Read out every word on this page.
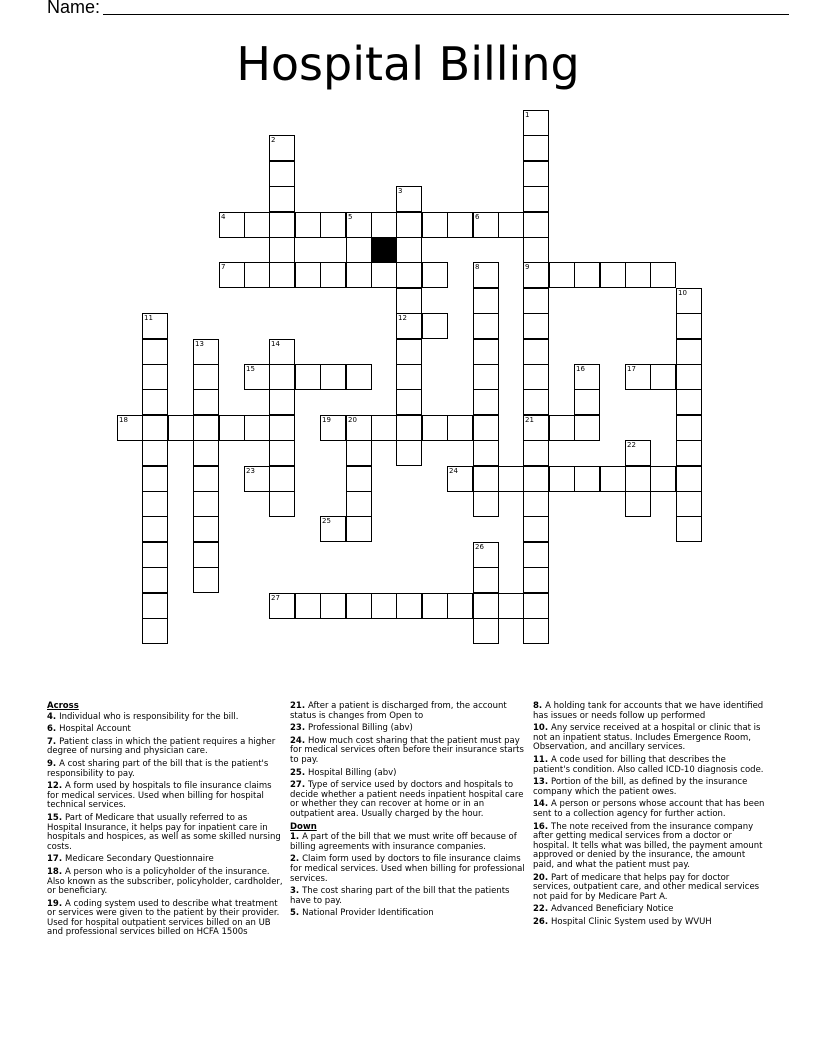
Name:
Hospital Billing
1
9
21
2
3
12
4	5	6
7	8
10
11
13	14
15	16	17
18	19 20
22
23	24
25
26
27
Across
4. Individual who is responsibility for the bill.
6. Hospital Account
7. Patient class in which the patient requires a higher degree of nursing and physician care.
9. A cost sharing part of the bill that is the patient's responsibility to pay.
12. A form used by hospitals to file insurance claims for medical services. Used when billing for hospital technical services.
15. Part of Medicare that usually referred to as Hospital Insurance, it helps pay for inpatient care in hospitals and hospices, as well as some skilled nursing costs.
17. Medicare Secondary Questionnaire
18. A person who is a policyholder of the insurance. Also known as the subscriber, policyholder, cardholder, or beneficiary.
19. A coding system used to describe what treatment or services were given to the patient by their provider. Used for hospital outpatient services billed on an UB and professional services billed on HCFA 1500s
21. After a patient is discharged from, the account status is changes from Open to
23. Professional Billing (abv)
24. How much cost sharing that the patient must pay for medical services often before their insurance starts to pay.
25. Hospital Billing (abv)
27. Type of service used by doctors and hospitals to decide whether a patient needs inpatient hospital care or whether they can recover at home or in an outpatient area. Usually charged by the hour.
Down
1. A part of the bill that we must write off because of billing agreements with insurance companies.
2. Claim form used by doctors to file insurance claims for medical services. Used when billing for professional services.
3. The cost sharing part of the bill that the patients have to pay.
5. National Provider Identification
8. A holding tank for accounts that we have identified has issues or needs follow up performed
10. Any service received at a hospital or clinic that is not an inpatient status. Includes Emergence Room, Observation, and ancillary services.
11. A code used for billing that describes the patient's condition. Also called ICD-10 diagnosis code.
13. Portion of the bill, as defined by the insurance company which the patient owes.
14. A person or persons whose account that has been sent to a collection agency for further action.
16. The note received from the insurance company after getting medical services from a doctor or hospital. It tells what was billed, the payment amount approved or denied by the insurance, the amount paid, and what the patient must pay.
20. Part of medicare that helps pay for doctor services, outpatient care, and other medical services not paid for by Medicare Part A.
22. Advanced Beneficiary Notice
26. Hospital Clinic System used by WVUH
